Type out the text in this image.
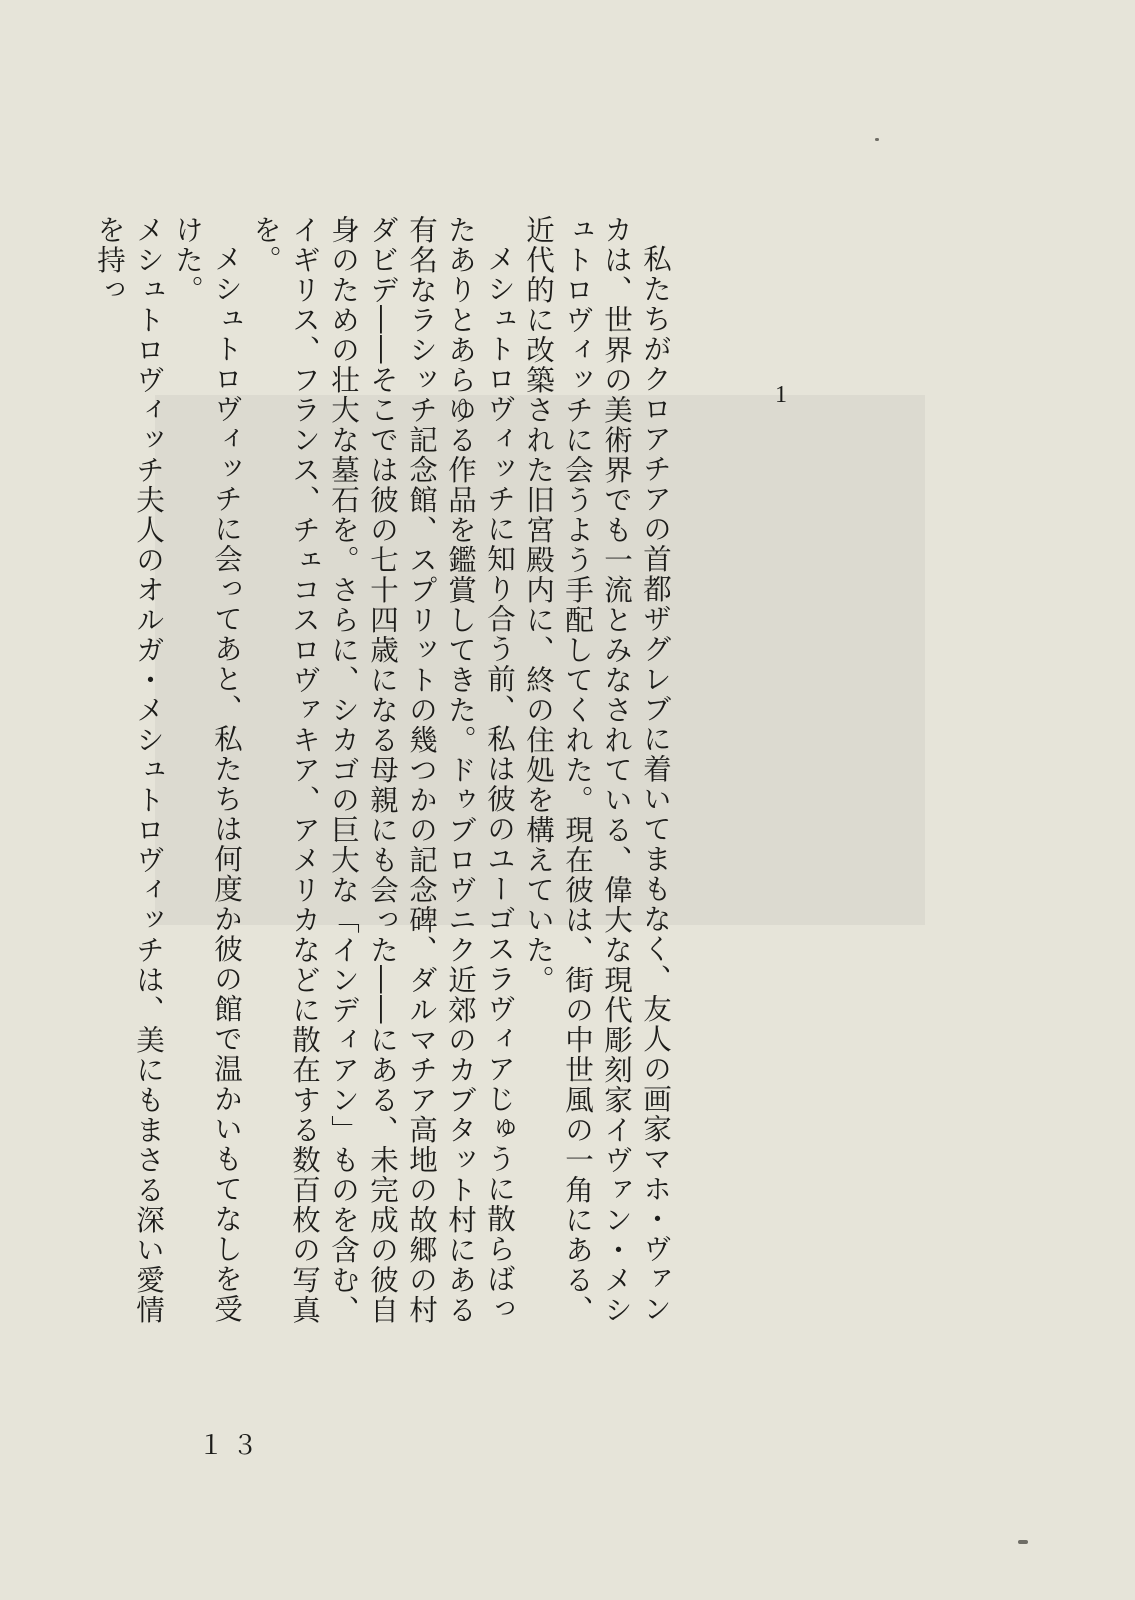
1

私たちがクロアチアの首都ザグレブに着いてまもなく、友人の画家マホ・ヴァンカは、世界の美術界でも一流とみなされている、偉大な現代彫刻家イヴァン・メシュトロヴィッチに会うよう手配してくれた。現在彼は、街の中世風の一角にある、近代的に改築された旧宮殿内に、終の住処を構えていた。

メシュトロヴィッチに知り合う前、私は彼のユーゴスラヴィアじゅうに散らばったありとあらゆる作品を鑑賞してきた。ドゥブロヴニク近郊のカブタット村にある有名なラシッチ記念館、スプリットの幾つかの記念碑、ダルマチア高地の故郷の村ダビデ――そこでは彼の七十四歳になる母親にも会った――にある、未完成の彼自身のための壮大な墓石を。さらに、シカゴの巨大な「インディアン」ものを含む、イギリス、フランス、チェコスロヴァキア、アメリカなどに散在する数百枚の写真を。

メシュトロヴィッチに会ってあと、私たちは何度か彼の館で温かいもてなしを受けた。

メシュトロヴィッチ夫人のオルガ・メシュトロヴィッチは、美にもまさる深い愛情を持っ

１３
